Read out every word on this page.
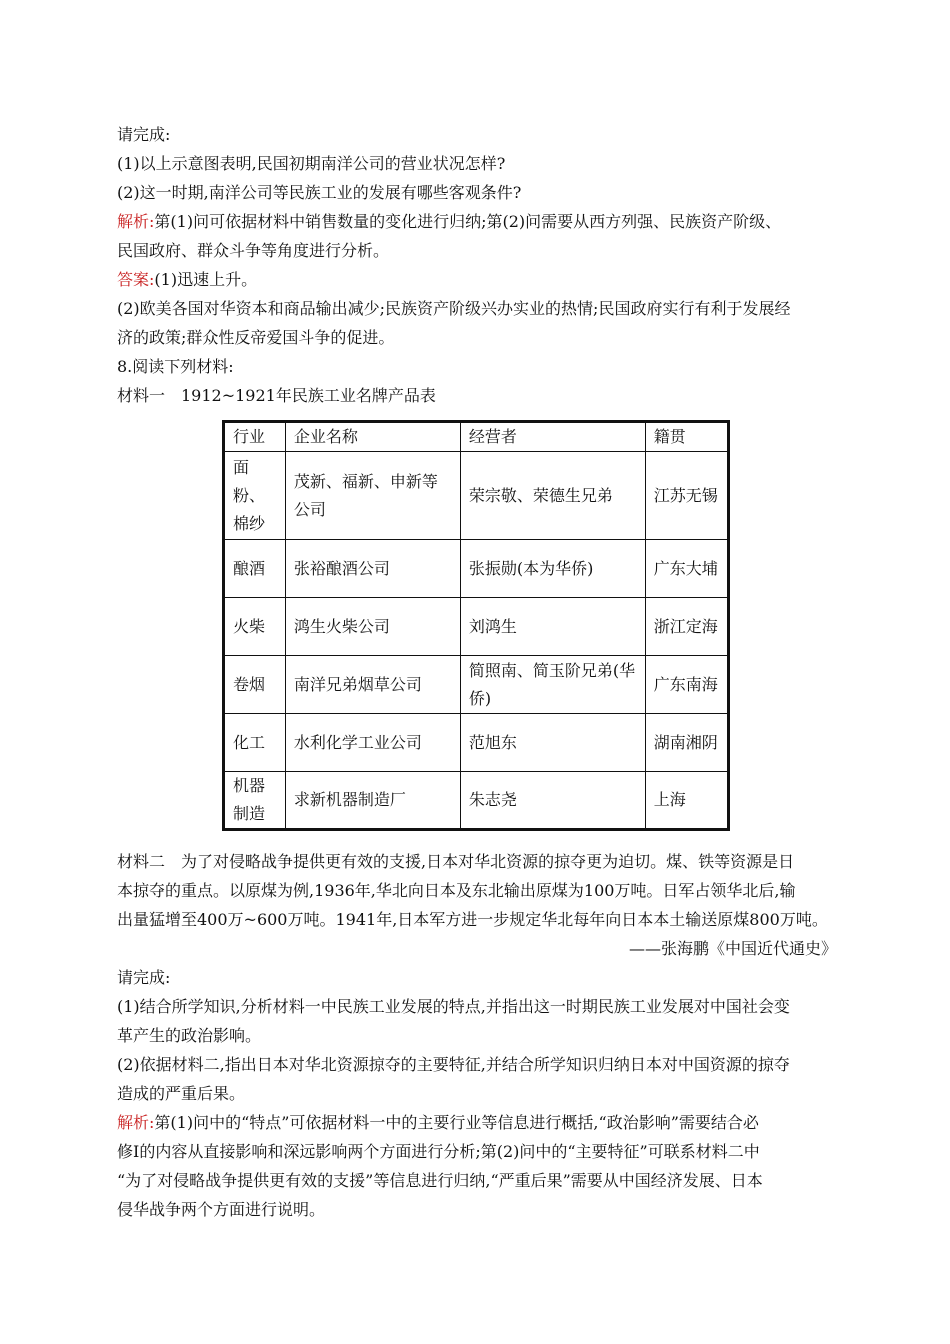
请完成:
(1)以上示意图表明,民国初期南洋公司的营业状况怎样?
(2)这一时期,南洋公司等民族工业的发展有哪些客观条件?
解析:第(1)问可依据材料中销售数量的变化进行归纳;第(2)问需要从西方列强、民族资产阶级、
民国政府、群众斗争等角度进行分析。
答案:(1)迅速上升。
(2)欧美各国对华资本和商品输出减少;民族资产阶级兴办实业的热情;民国政府实行有利于发展经
济的政策;群众性反帝爱国斗争的促进。
8.阅读下列材料:
材料一　1912~1921年民族工业名牌产品表
行业	企业名称	经营者	籍贯
面粉、棉纱	茂新、福新、申新等公司	荣宗敬、荣德生兄弟	江苏无锡
酿酒	张裕酿酒公司	张振勋(本为华侨)	广东大埔
火柴	鸿生火柴公司	刘鸿生	浙江定海
卷烟	南洋兄弟烟草公司	简照南、简玉阶兄弟(华侨)	广东南海
化工	水利化学工业公司	范旭东	湖南湘阴
机器制造	求新机器制造厂	朱志尧	上海
材料二　为了对侵略战争提供更有效的支援,日本对华北资源的掠夺更为迫切。煤、铁等资源是日
本掠夺的重点。以原煤为例,1936年,华北向日本及东北输出原煤为100万吨。日军占领华北后,输
出量猛增至400万~600万吨。1941年,日本军方进一步规定华北每年向日本本土输送原煤800万吨。
——张海鹏《中国近代通史》
请完成:
(1)结合所学知识,分析材料一中民族工业发展的特点,并指出这一时期民族工业发展对中国社会变
革产生的政治影响。
(2)依据材料二,指出日本对华北资源掠夺的主要特征,并结合所学知识归纳日本对中国资源的掠夺
造成的严重后果。
解析:第(1)问中的“特点”可依据材料一中的主要行业等信息进行概括,“政治影响”需要结合必
修Ⅰ的内容从直接影响和深远影响两个方面进行分析;第(2)问中的“主要特征”可联系材料二中
“为了对侵略战争提供更有效的支援”等信息进行归纳,“严重后果”需要从中国经济发展、日本
侵华战争两个方面进行说明。
